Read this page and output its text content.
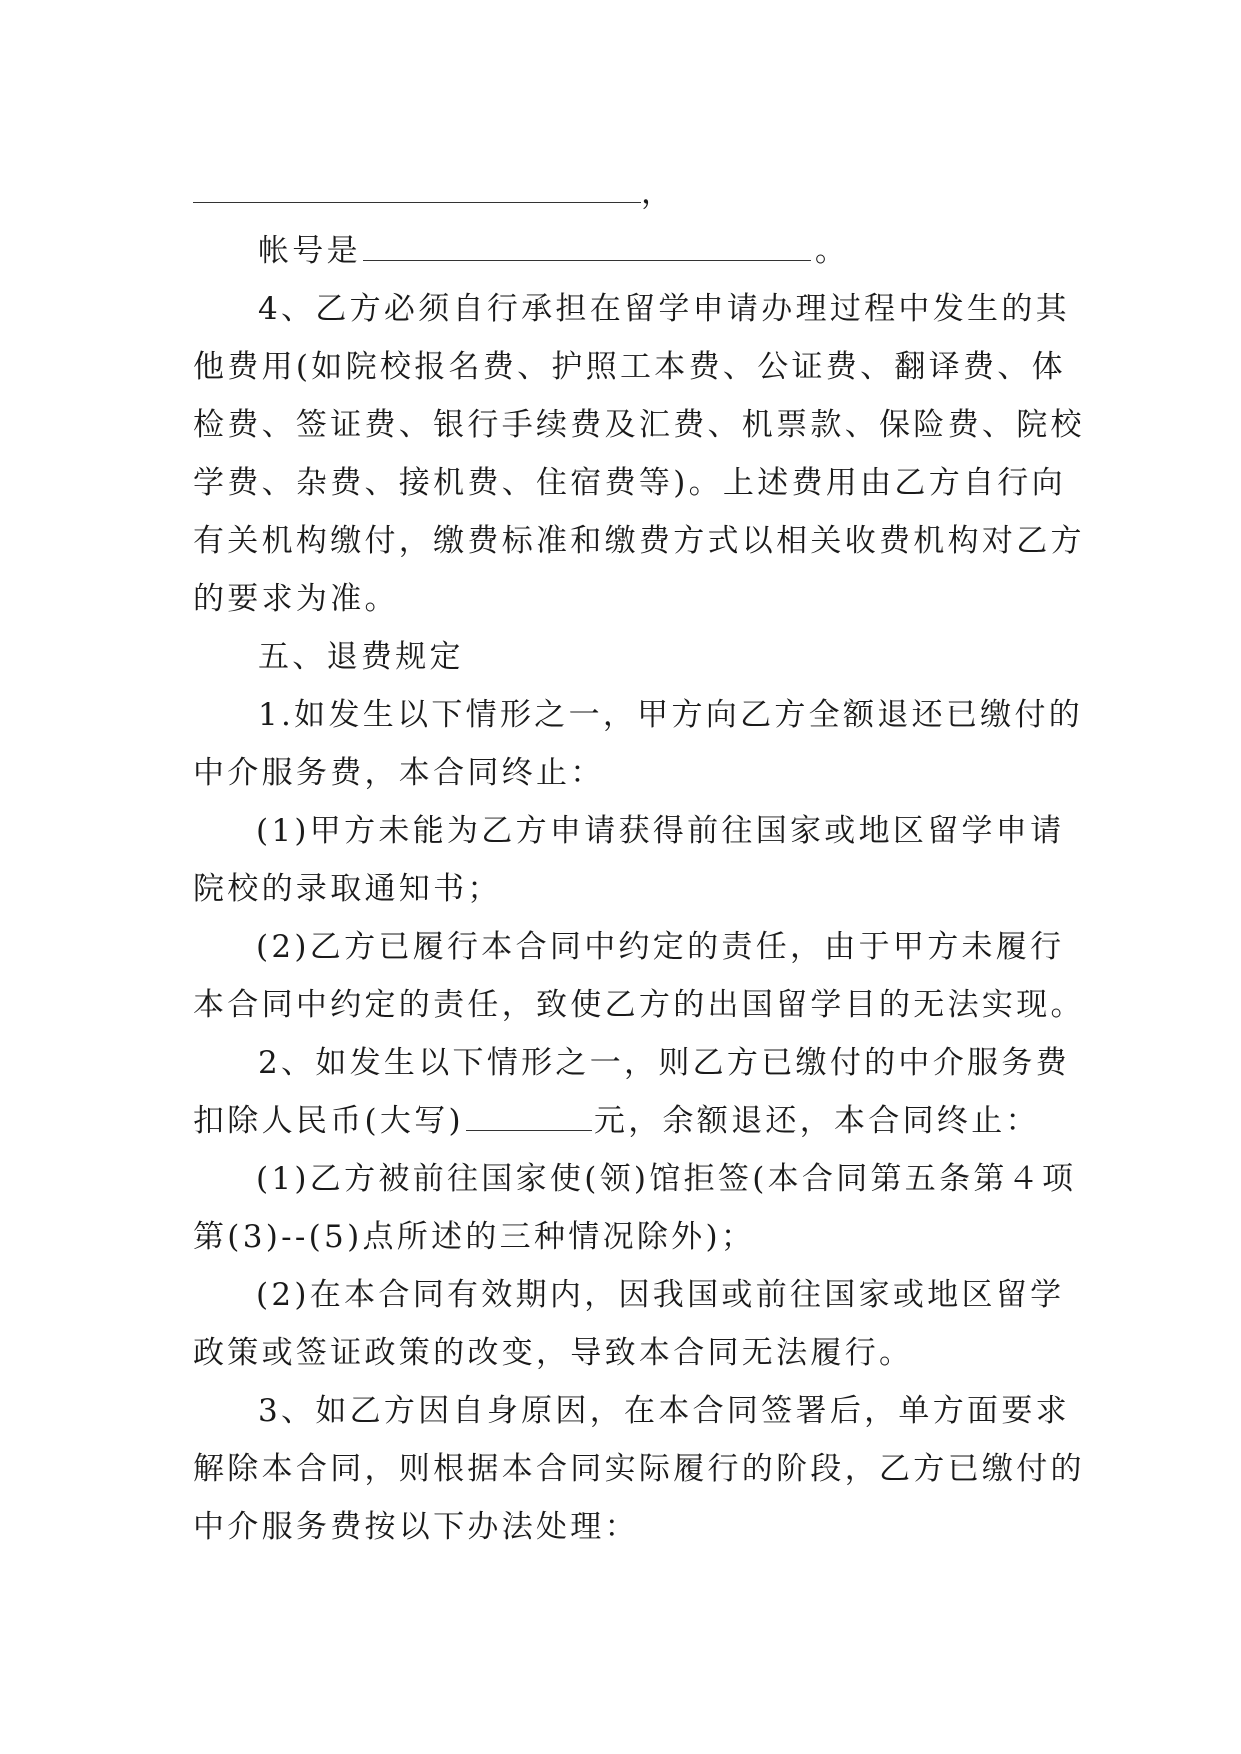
，
帐号是	。
4、乙方必须自行承担在留学申请办理过程中发生的其
他费用(如院校报名费、护照工本费、公证费、翻译费、体
检费、签证费、银行手续费及汇费、机票款、保险费、院校
学费、杂费、接机费、住宿费等)。上述费用由乙方自行向
有关机构缴付，缴费标准和缴费方式以相关收费机构对乙方
的要求为准。
五、退费规定
1.如发生以下情形之一，甲方向乙方全额退还已缴付的
中介服务费，本合同终止：
(1)甲方未能为乙方申请获得前往国家或地区留学申请
院校的录取通知书；
(2)乙方已履行本合同中约定的责任，由于甲方未履行
本合同中约定的责任，致使乙方的出国留学目的无法实现。
2、如发生以下情形之一，则乙方已缴付的中介服务费
扣除人民币(大写)	元，余额退还，本合同终止：
(1)乙方被前往国家使(领)馆拒签(本合同第五条第４项
第(3)--(5)点所述的三种情况除外)；
(2)在本合同有效期内，因我国或前往国家或地区留学
政策或签证政策的改变，导致本合同无法履行。
3、如乙方因自身原因，在本合同签署后，单方面要求
解除本合同，则根据本合同实际履行的阶段，乙方已缴付的
中介服务费按以下办法处理：
